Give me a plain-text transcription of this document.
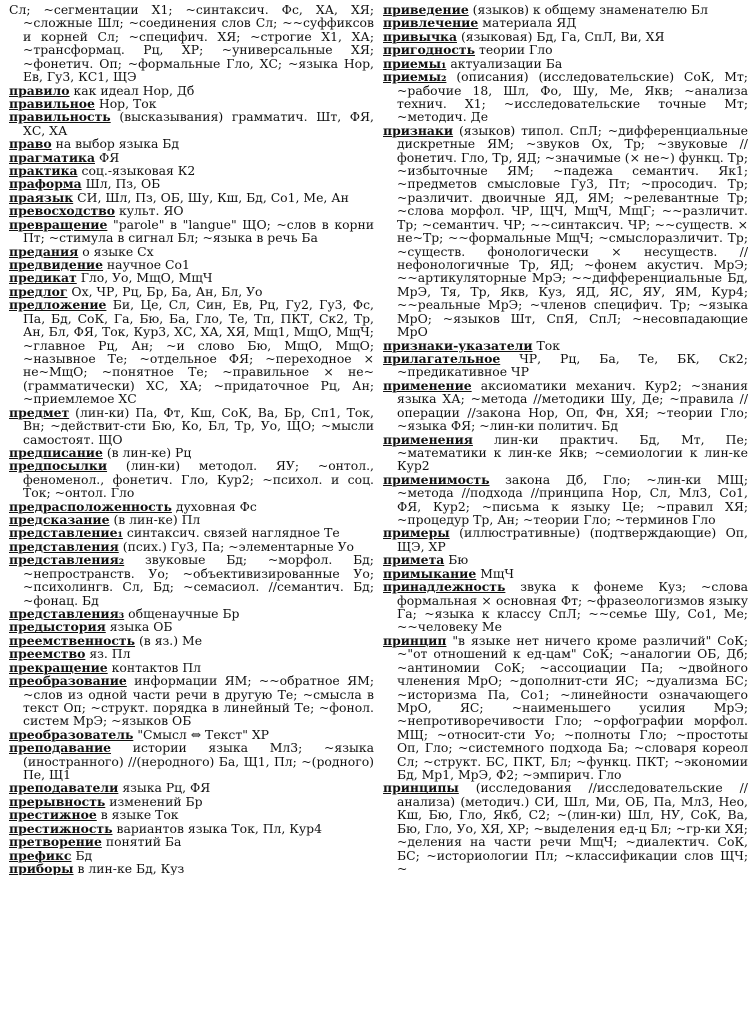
Сл; ~сегментации Х1; ~синтаксич. Фс, ХА, ХЯ; ~сложные Шл; ~соединения слов Сл; ~~суффиксов и корней Сл; ~специфич. ХЯ; ~строгие Х1, ХА; ~трансформац. Рц, ХР; ~универсальные ХЯ; ~фонетич. Оп; ~формальные Гло, ХС; ~языка Нор, Ев, Гу3, КС1, ЩЭ

правило как идеал Нор, Дб

правильное Нор, Ток

правильность (высказывания) грамматич. Шт, ФЯ, ХС, ХА

право на выбор языка Бд

прагматика ФЯ

практика соц.-языковая К2

праформа Шл, Пз, ОБ

праязык СИ, Шл, Пз, ОБ, Шу, Кш, Бд, Со1, Ме, Ан

превосходство культ. ЯО

превращение "parole" в "langue" ЩО; ~слов в корни Пт; ~стимула в сигнал Бл; ~языка в речь Ба

предания о языке Сх

предвидение научное Со1

предикат Гло, Уо, МщО, МщЧ

предлог Ох, ЧР, Рц, Бр, Ба, Ан, Бл, Уо

предложение Би, Це, Сл, Син, Ев, Рц, Гу2, Гу3, Фс, Па, Бд, СоК, Га, Бю, Ба, Гло, Те, Тп, ПКТ, Ск2, Тр, Ан, Бл, ФЯ, Ток, Кур3, ХС, ХА, ХЯ, Мщ1, МщО, МщЧ; ~главное Рц, Ан; ~и слово Бю, МщО, МщО; ~назывное Те; ~отдельное ФЯ; ~переходное × не~МщО; ~понятное Те; ~правильное × не~(грамматически) ХС, ХА; ~придаточное Рц, Ан; ~приемлемое ХС

предмет (лин-ки) Па, Фт, Кш, СоК, Ва, Бр, Сп1, Ток, Вн; ~действит-сти Бю, Ко, Бл, Тр, Уо, ЩО; ~мысли самостоят. ЩО

предписание (в лин-ке) Рц

предпосылки (лин-ки) методол. ЯУ; ~онтол., феноменол., фонетич. Гло, Кур2; ~психол. и соц. Ток; ~онтол. Гло

предрасположенность духовная Фс

предсказание (в лин-ке) Пл

представление₁ синтаксич. связей наглядное Те

представления (псих.) Гу3, Па; ~элементарные Уо

представления₂ звуковые Бд; ~морфол. Бд; ~непространств. Уо; ~объективизированные Уо; ~психолингв. Сл, Бд; ~семасиол. //семантич. Бд; ~фонац. Бд

представления₃ общенаучные Бр

предыстория языка ОБ

преемственность (в яз.) Ме

преемство яз. Пл

прекращение контактов Пл

преобразование информации ЯМ; ~~обратное ЯМ; ~слов из одной части речи в другую Те; ~смысла в текст Оп; ~структ. порядка в линейный Те; ~фонол. систем МрЭ; ~языков ОБ

преобразователь "Смысл ⇔ Текст" ХР

преподавание истории языка Мл3; ~языка (иностранного) //(неродного) Ба, Щ1, Пл; ~(родного) Пе, Щ1

преподаватели языка Рц, ФЯ

прерывность изменений Бр

престижное в языке Ток

престижность вариантов языка Ток, Пл, Кур4

претворение понятий Ба

префикс Бд

приборы в лин-ке Бд, Куз

приведение (языков) к общему знаменателю Бл

привлечение материала ЯД

привычка (языковая) Бд, Га, СпЛ, Ви, ХЯ

пригодность теории Гло

приемы₁ актуализации Ба

приемы₂ (описания) (исследовательские) СоК, Мт; ~рабочие 18, Шл, Фо, Шу, Ме, Якв; ~анализа технич. Х1; ~исследовательские точные Мт; ~методич. Де

признаки (языков) типол. СпЛ; ~дифференциальные дискретные ЯМ; ~звуков Ох, Тр; ~звуковые //фонетич. Гло, Тр, ЯД; ~значимые (× не~) функц. Тр; ~избыточные ЯМ; ~падежа семантич. Як1; ~предметов смысловые Гу3, Пт; ~просодич. Тр; ~различит. двоичные ЯД, ЯМ; ~релевантные Тр; ~слова морфол. ЧР, ЩЧ, МщЧ, МщГ; ~~различит. Тр; ~семантич. ЧР; ~~синтаксич. ЧР; ~~существ. × не~Тр; ~~формальные МщЧ; ~смыслоразличит. Тр; ~существ. фонологически × несуществ. //нефонологичные Тр, ЯД; ~фонем акустич. МрЭ; ~~артикуляторные МрЭ; ~~дифференциальные Бд, МрЭ, Тя, Тр, Якв, Куз, ЯД, ЯС, ЯУ, ЯМ, Кур4; ~~реальные МрЭ; ~членов специфич. Тр; ~языка МрО; ~языков Шт, СпЯ, СпЛ; ~несовпадающие МрО

признаки-указатели Ток

прилагательное ЧР, Рц, Ба, Те, БК, Ск2; ~предикативное ЧР

применение аксиоматики механич. Кур2; ~знания языка ХА; ~метода //методики Шу, Де; ~правила //операции //закона Нор, Оп, Фн, ХЯ; ~теории Гло; ~языка ФЯ; ~лин-ки политич. Бд

применения лин-ки практич. Бд, Мт, Пе; ~математики к лин-ке Якв; ~семиологии к лин-ке Кур2

применимость закона Дб, Гло; ~лин-ки МЩ; ~метода //подхода //принципа Нор, Сл, Мл3, Со1, ФЯ, Кур2; ~письма к языку Це; ~правил ХЯ; ~процедур Тр, Ан; ~теории Гло; ~терминов Гло

примеры (иллюстративные) (подтверждающие) Оп, ЩЭ, ХР

примета Бю

примыкание МщЧ

принадлежность звука к фонеме Куз; ~слова формальная × основная Фт; ~фразеологизмов языку Га; ~языка к классу СпЛ; ~~семье Шу, Со1, Ме; ~~человеку Ме

принцип "в языке нет ничего кроме различий" СоК; ~"от отношений к ед-цам" СоК; ~аналогии ОБ, Дб; ~антиномии СоК; ~ассоциации Па; ~двойного членения МрО; ~дополнит-сти ЯС; ~дуализма БС; ~историзма Па, Со1; ~линейности означающего МрО, ЯС; ~наименьшего усилия МрЭ; ~непротиворечивости Гло; ~орфографии морфол. МЩ; ~относит-сти Уо; ~полноты Гло; ~простоты Оп, Гло; ~системного подхода Ба; ~словаря кореол Сл; ~структ. БС, ПКТ, Бл; ~функц. ПКТ; ~экономии Бд, Мр1, МрЭ, Ф2; ~эмпирич. Гло

принципы (исследования //исследовательские //анализа) (методич.) СИ, Шл, Ми, ОБ, Па, Мл3, Нео, Кш, Бю, Гло, Якб, С2; ~(лин-ки) Шл, НУ, СоК, Ва, Бю, Гло, Уо, ХЯ, ХР; ~выделения ед-ц Бл; ~гр-ки ХЯ; ~деления на части речи МщЧ; ~диалектич. СоК, БС; ~историологии Пл; ~классификации слов ЩЧ; ~
